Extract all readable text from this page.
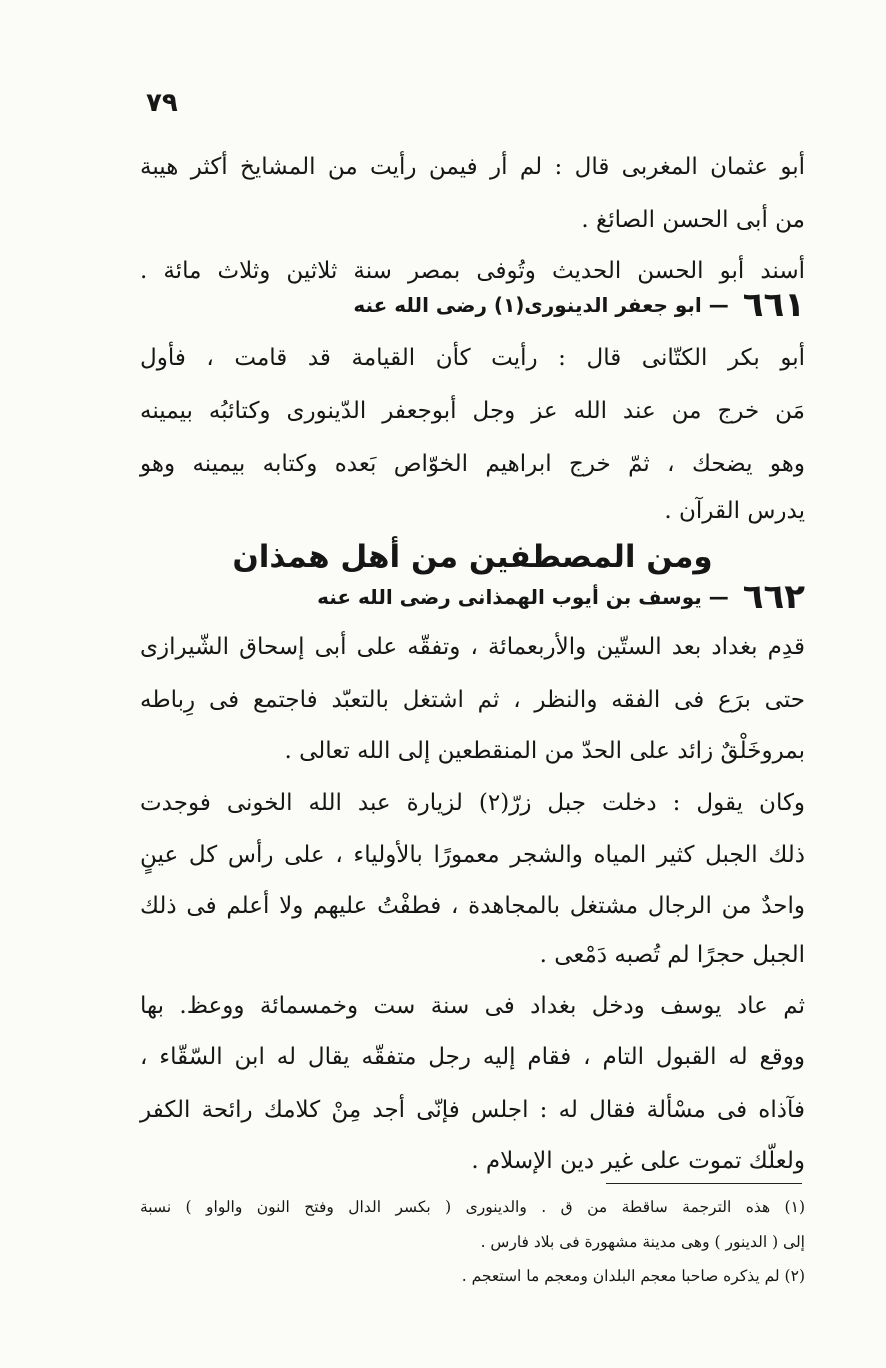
٧٩
أبو عثمان المغربى قال : لم أر فيمن رأيت من المشايخ أكثر هيبة
من أبى الحسن الصائغ .
أسند أبو الحسن الحديث وتُوفى بمصر سنة ثلاثين وثلاث مائة .
٦٦١— ابو جعفر الدينورى(١) رضى الله عنه
أبو بكر الكتّانى قال : رأيت كأن القيامة قد قامت ، فأول
مَن خرج من عند الله عز وجل أبوجعفر الدّينورى وكتائبُه بيمينه
وهو يضحك ، ثمّ خرج ابراهيم الخوّاص بَعده وكتابه بيمينه وهو
يدرس القرآن .
ومن المصطفين من أهل همذان
٦٦٢— يوسف بن أيوب الهمذانى رضى الله عنه
قدِم بغداد بعد الستّين والأربعمائة ، وتفقّه على أبى إسحاق الشّيرازى
حتى برَع فى الفقه والنظر ، ثم اشتغل بالتعبّد فاجتمع فى رِباطه
بمروخَلْقٌ زائد على الحدّ من المنقطعين إلى الله تعالى .
وكان يقول : دخلت جبل زرّ(٢) لزيارة عبد الله الخونى فوجدت
ذلك الجبل كثير المياه والشجر معمورًا بالأولياء ، على رأس كل عينٍ
واحدٌ من الرجال مشتغل بالمجاهدة ، فطفْتُ عليهم ولا أعلم فى ذلك
الجبل حجرًا لم تُصبه دَمْعى .
ثم عاد يوسف ودخل بغداد فى سنة ست وخمسمائة ووعظ. بها
ووقع له القبول التام ، فقام إليه رجل متفقّه يقال له ابن السّقّاء ،
فآذاه فى مسْألة فقال له : اجلس فإنّى أجد مِنْ كلامك رائحة الكفر
ولعلّك تموت على غير دين الإسلام .
(١) هذه الترجمة ساقطة من ق . والدينورى ( بكسر الدال وفتح النون والواو ) نسبة
إلى ( الدينور ) وهى مدينة مشهورة فى بلاد فارس .
(٢) لم يذكره صاحبا معجم البلدان ومعجم ما استعجم .
